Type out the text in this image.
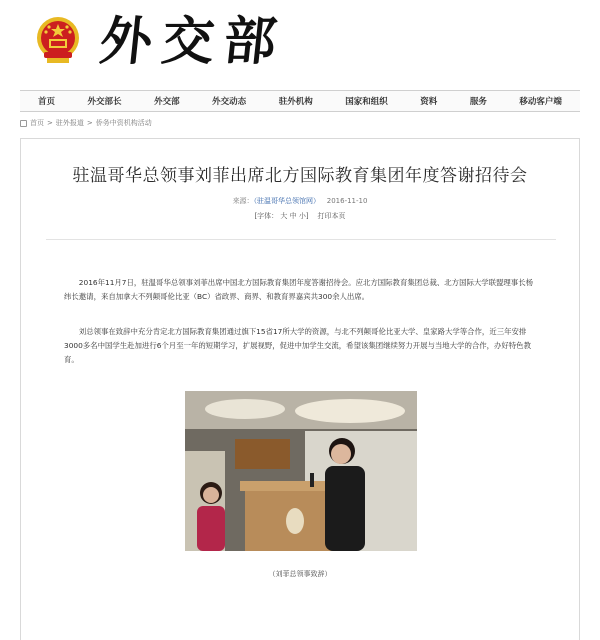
外交部
首页	外交部长	外交部	外交动态	驻外机构	国家和组织	资料	服务	移动客户端
首页 > 驻外报道 > 侨务中资机构活动
驻温哥华总领事刘菲出席北方国际教育集团年度答谢招待会
来源：（驻温哥华总领馆网） 2016-11-10
[字体： 大 中 小] 打印本页

2016年11月7日，驻温哥华总领事刘菲出席中国北方国际教育集团年度答谢招待会。应北方国际教育集团总裁、北方国际大学联盟理事长杨纬长邀请，来自加拿大不列颠哥伦比亚（BC）省政界、商界、和教育界嘉宾共300余人出席。

刘总领事在致辞中充分肯定北方国际教育集团通过旗下15省17所大学的资源，与北不列颠哥伦比亚大学、皇家路大学等合作，近三年安排3000多名中国学生赴加进行6个月至一年的短期学习，扩展视野，促进中加学生交流，希望该集团继续努力开展与当地大学的合作，办好特色教育。

（刘菲总领事致辞）
